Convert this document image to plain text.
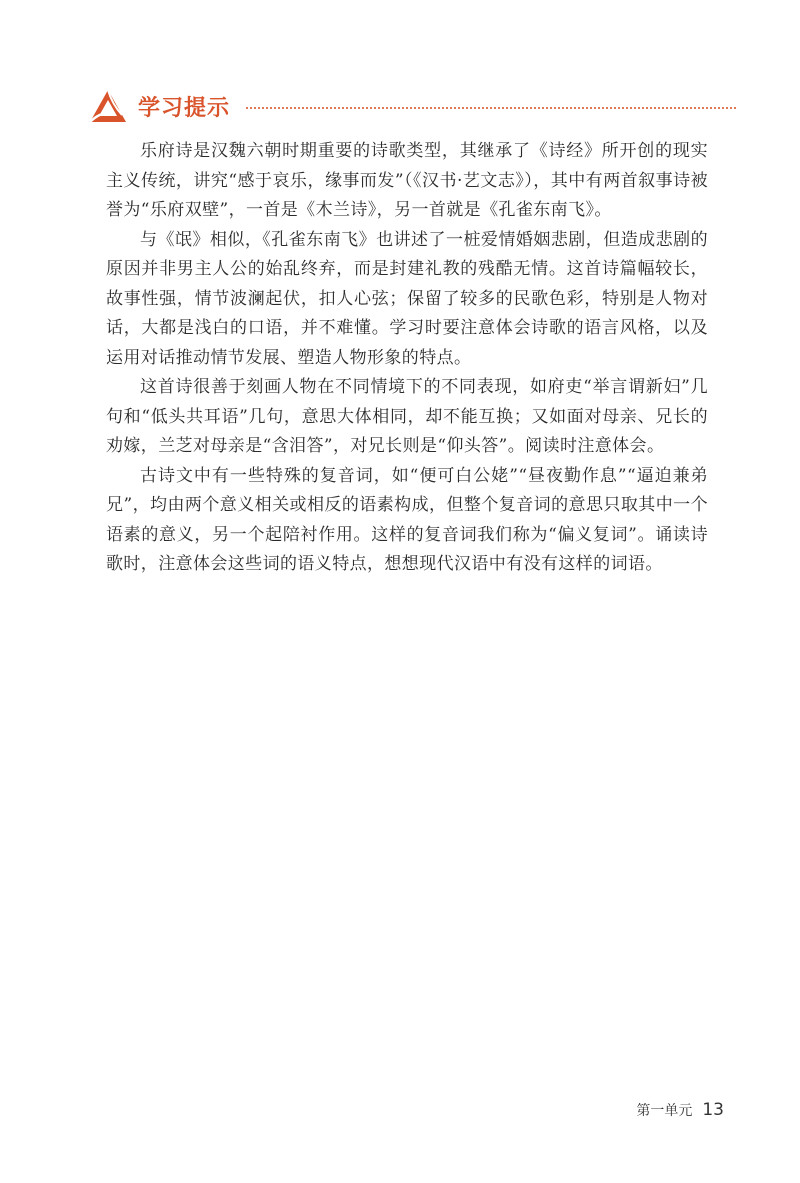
学习提示

乐府诗是汉魏六朝时期重要的诗歌类型，其继承了《诗经》所开创的现实主义传统，讲究“感于哀乐，缘事而发”（《汉书·艺文志》），其中有两首叙事诗被誉为“乐府双壁”，一首是《木兰诗》，另一首就是《孔雀东南飞》。

与《氓》相似，《孔雀东南飞》也讲述了一桩爱情婚姻悲剧，但造成悲剧的原因并非男主人公的始乱终弃，而是封建礼教的残酷无情。这首诗篇幅较长，故事性强，情节波澜起伏，扣人心弦；保留了较多的民歌色彩，特别是人物对话，大都是浅白的口语，并不难懂。学习时要注意体会诗歌的语言风格，以及运用对话推动情节发展、塑造人物形象的特点。

这首诗很善于刻画人物在不同情境下的不同表现，如府吏“举言谓新妇”几句和“低头共耳语”几句，意思大体相同，却不能互换；又如面对母亲、兄长的劝嫁，兰芝对母亲是“含泪答”，对兄长则是“仰头答”。阅读时注意体会。

古诗文中有一些特殊的复音词，如“便可白公姥”“昼夜勤作息”“逼迫兼弟兄”，均由两个意义相关或相反的语素构成，但整个复音词的意思只取其中一个语素的意义，另一个起陪衬作用。这样的复音词我们称为“偏义复词”。诵读诗歌时，注意体会这些词的语义特点，想想现代汉语中有没有这样的词语。

第一单元 13
